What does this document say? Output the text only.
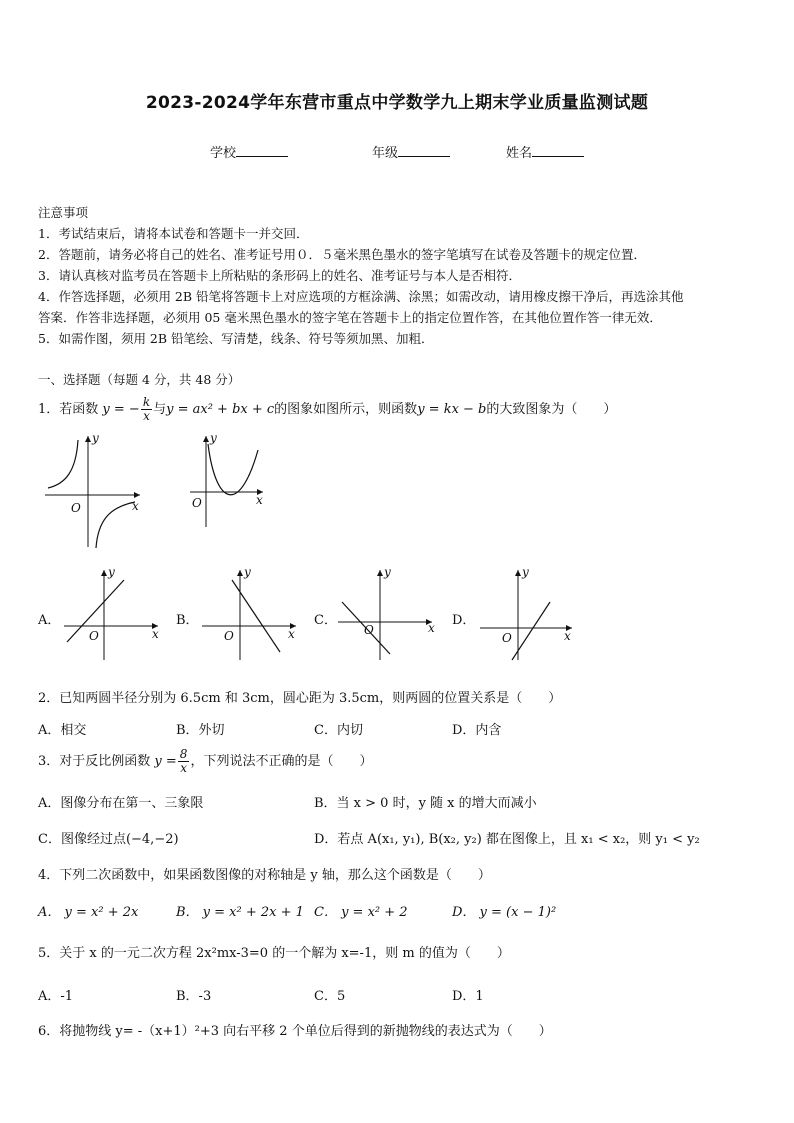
2023-2024学年东营市重点中学数学九上期末学业质量监测试题
学校	年级	姓名
注意事项
1．考试结束后，请将本试卷和答题卡一并交回．
2．答题前，请务必将自己的姓名、准考证号用０．５毫米黑色墨水的签字笔填写在试卷及答题卡的规定位置．
3．请认真核对监考员在答题卡上所粘贴的条形码上的姓名、准考证号与本人是否相符．
4．作答选择题，必须用 2B 铅笔将答题卡上对应选项的方框涂满、涂黑；如需改动，请用橡皮擦干净后，再选涂其他
答案．作答非选择题，必须用 05 毫米黑色墨水的签字笔在答题卡上的指定位置作答，在其他位置作答一律无效．
5．如需作图，须用 2B 铅笔绘、写清楚，线条、符号等须加黑、加粗．
一、选择题（每题 4 分，共 48 分）
1．若函数 y = − $\frac{k}{x}$ 与y = ax² + bx + c的图象如图所示，则函数y = kx − b的大致图象为（　　）
y
x
O
y
x
O
A．
y
x
O
B．
y
x
O
C．
y
x
O
D．
y
x
O
2．已知两圆半径分别为 6.5cm 和 3cm，圆心距为 3.5cm，则两圆的位置关系是（　　）
A．相交	B．外切	C．内切	D．内含
3．对于反比例函数 $y = \frac{8}{x}$ ，下列说法不正确的是（　　）
A．图像分布在第一、三象限	B．当 x > 0 时，y 随 x 的增大而减小
C．图像经过点(−4,−2)	D．若点 A(x₁, y₁), B(x₂, y₂) 都在图像上，且 x₁ < x₂，则 y₁ < y₂
4．下列二次函数中，如果函数图像的对称轴是 y 轴，那么这个函数是（　　）
A． y = x² + 2x	B． y = x² + 2x + 1 C． y = x² + 2	D． y = (x − 1)²
5．关于 x 的一元二次方程 2x²mx-3=0 的一个解为 x=-1，则 m 的值为（　　）
A．-1	B．-3	C．5	D．1
6．将抛物线 y= -（x+1）²+3 向右平移 2 个单位后得到的新抛物线的表达式为（　　）
